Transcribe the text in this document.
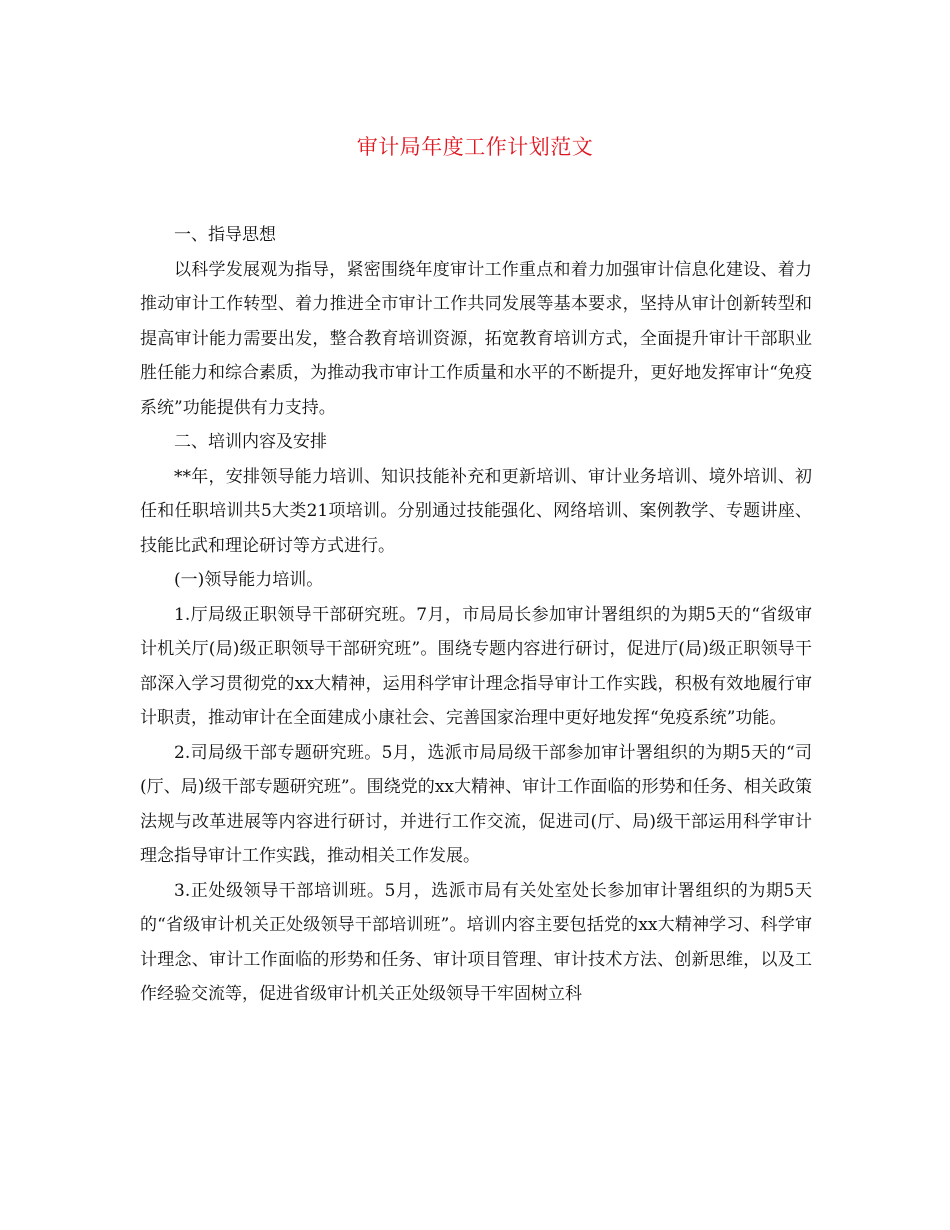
审计局年度工作计划范文

一、指导思想

以科学发展观为指导，紧密围绕年度审计工作重点和着力加强审计信息化建设、着力推动审计工作转型、着力推进全市审计工作共同发展等基本要求，坚持从审计创新转型和提高审计能力需要出发，整合教育培训资源，拓宽教育培训方式，全面提升审计干部职业胜任能力和综合素质，为推动我市审计工作质量和水平的不断提升，更好地发挥审计“免疫系统”功能提供有力支持。

二、培训内容及安排

**年，安排领导能力培训、知识技能补充和更新培训、审计业务培训、境外培训、初任和任职培训共5大类21项培训。分别通过技能强化、网络培训、案例教学、专题讲座、技能比武和理论研讨等方式进行。

(一)领导能力培训。

1.厅局级正职领导干部研究班。7月，市局局长参加审计署组织的为期5天的“省级审计机关厅(局)级正职领导干部研究班”。围绕专题内容进行研讨，促进厅(局)级正职领导干部深入学习贯彻党的xx大精神，运用科学审计理念指导审计工作实践，积极有效地履行审计职责，推动审计在全面建成小康社会、完善国家治理中更好地发挥“免疫系统”功能。

2.司局级干部专题研究班。5月，选派市局局级干部参加审计署组织的为期5天的“司(厅、局)级干部专题研究班”。围绕党的xx大精神、审计工作面临的形势和任务、相关政策法规与改革进展等内容进行研讨，并进行工作交流，促进司(厅、局)级干部运用科学审计理念指导审计工作实践，推动相关工作发展。

3.正处级领导干部培训班。5月，选派市局有关处室处长参加审计署组织的为期5天的“省级审计机关正处级领导干部培训班”。培训内容主要包括党的xx大精神学习、科学审计理念、审计工作面临的形势和任务、审计项目管理、审计技术方法、创新思维，以及工作经验交流等，促进省级审计机关正处级领导干牢固树立科
